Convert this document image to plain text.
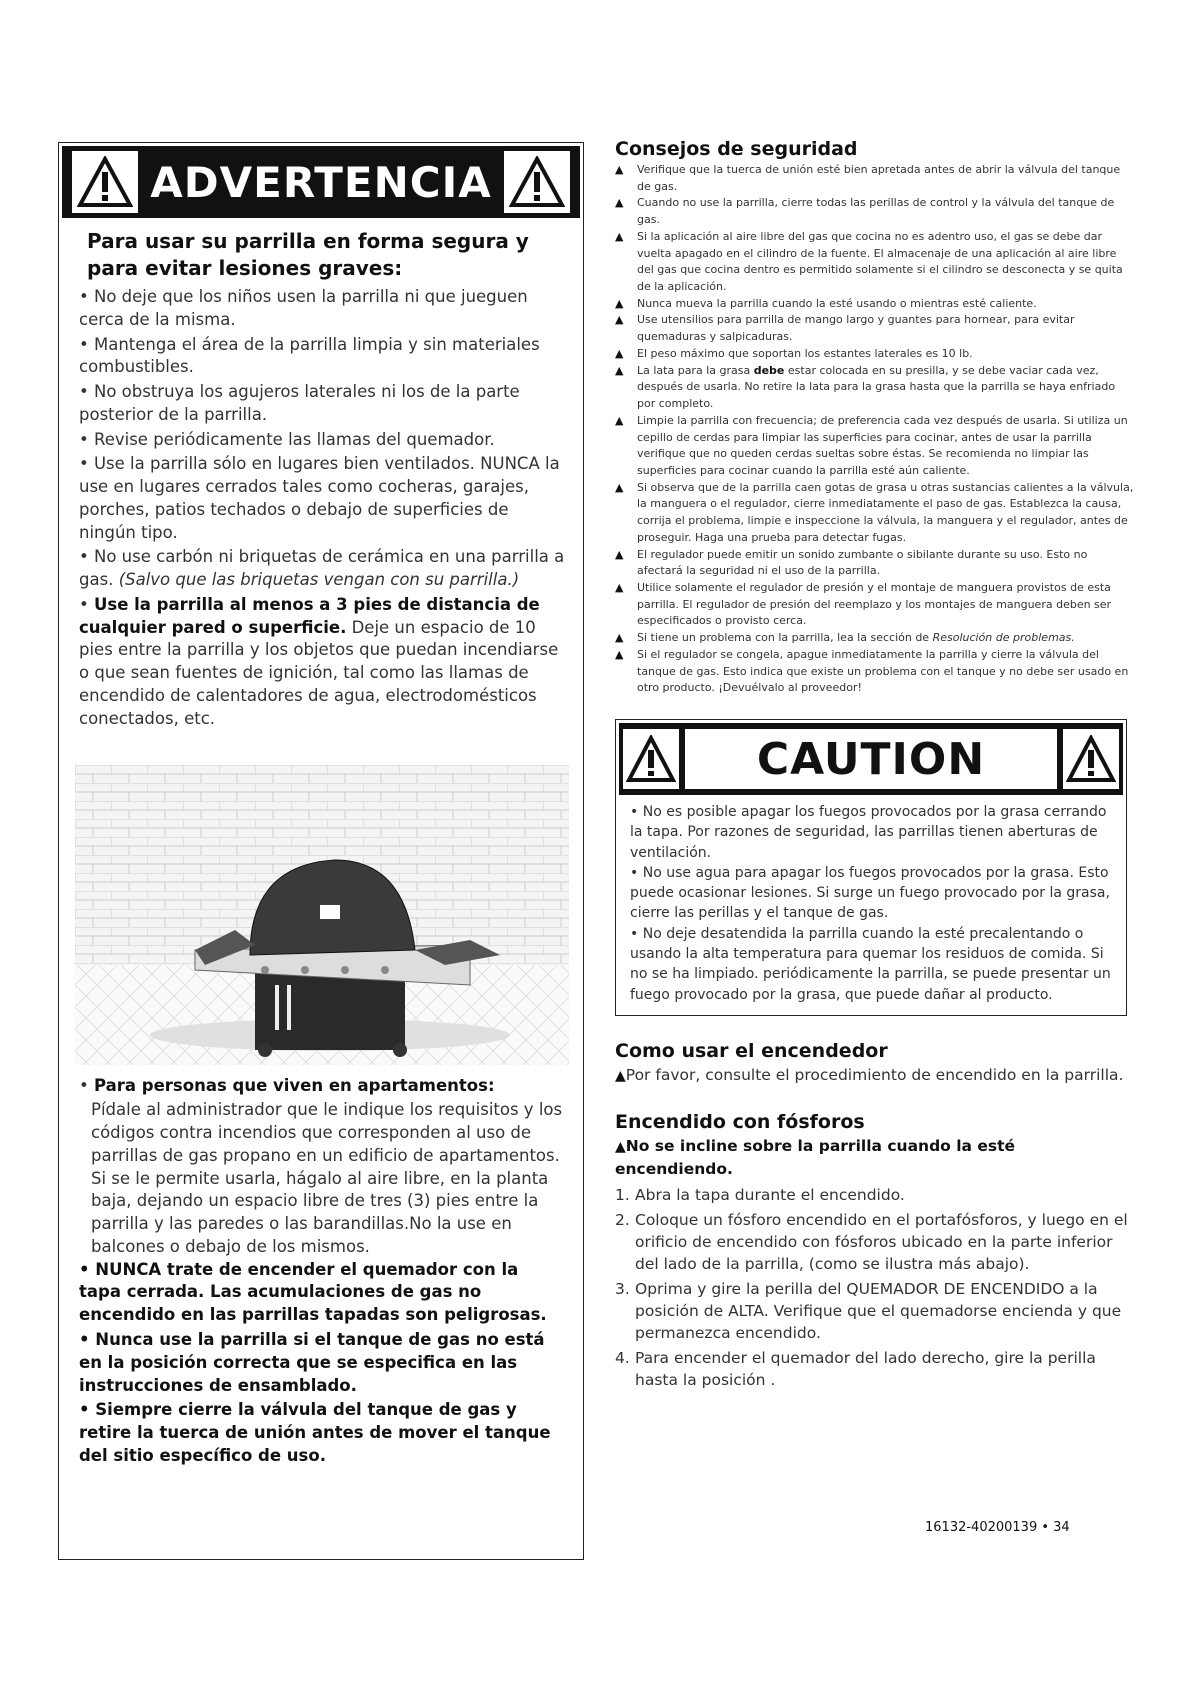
ADVERTENCIA
Para usar su parrilla en forma segura y para evitar lesiones graves:
• No deje que los niños usen la parrilla ni que jueguen cerca de la misma.
• Mantenga el área de la parrilla limpia y sin materiales combustibles.
• No obstruya los agujeros laterales ni los de la parte posterior de la parrilla.
• Revise periódicamente las llamas del quemador.
• Use la parrilla sólo en lugares bien ventilados. NUNCA la use en lugares cerrados tales como cocheras, garajes, porches, patios techados o debajo de superficies de ningún tipo.
• No use carbón ni briquetas de cerámica en una parrilla a gas. (Salvo que las briquetas vengan con su parrilla.)
• Use la parrilla al menos a 3 pies de distancia de cualquier pared o superficie. Deje un espacio de 10 pies entre la parrilla y los objetos que puedan incendiarse o que sean fuentes de ignición, tal como las llamas de encendido de calentadores de agua, electrodomésticos conectados, etc.
• Para personas que viven en apartamentos:
Pídale al administrador que le indique los requisitos y los códigos contra incendios que corresponden al uso de parrillas de gas propano en un edificio de apartamentos. Si se le permite usarla, hágalo al aire libre, en la planta baja, dejando un espacio libre de tres (3) pies entre la parrilla y las paredes o las barandillas.No la use en balcones o debajo de los mismos.
• NUNCA trate de encender el quemador con la tapa cerrada. Las acumulaciones de gas no encendido en las parrillas tapadas son peligrosas.
• Nunca use la parrilla si el tanque de gas no está en la posición correcta que se especifica en las instrucciones de ensamblado.
• Siempre cierre la válvula del tanque de gas y retire la tuerca de unión antes de mover el tanque del sitio específico de uso.
Consejos de seguridad
▲ Verifique que la tuerca de unión esté bien apretada antes de abrir la válvula del tanque de gas.
▲ Cuando no use la parrilla, cierre todas las perillas de control y la válvula del tanque de gas.
▲ Si la aplicación al aire libre del gas que cocina no es adentro uso, el gas se debe dar vuelta apagado en el cilindro de la fuente. El almacenaje de una aplicación al aire libre del gas que cocina dentro es permitido solamente si el cilindro se desconecta y se quita de la aplicación.
▲ Nunca mueva la parrilla cuando la esté usando o mientras esté caliente.
▲ Use utensilios para parrilla de mango largo y guantes para hornear, para evitar quemaduras y salpicaduras.
▲ El peso máximo que soportan los estantes laterales es 10 lb.
▲ La lata para la grasa debe estar colocada en su presilla, y se debe vaciar cada vez, después de usarla. No retire la lata para la grasa hasta que la parrilla se haya enfriado por completo.
▲ Limpie la parrilla con frecuencia; de preferencia cada vez después de usarla. Si utiliza un cepillo de cerdas para limpiar las superficies para cocinar, antes de usar la parrilla verifique que no queden cerdas sueltas sobre éstas. Se recomienda no limpiar las superficies para cocinar cuando la parrilla esté aún caliente.
▲ Si observa que de la parrilla caen gotas de grasa u otras sustancias calientes a la válvula, la manguera o el regulador, cierre inmediatamente el paso de gas. Establezca la causa, corrija el problema, limpie e inspeccione la válvula, la manguera y el regulador, antes de proseguir. Haga una prueba para detectar fugas.
▲ El regulador puede emitir un sonido zumbante o sibilante durante su uso. Esto no afectará la seguridad ni el uso de la parrilla.
▲ Utilice solamente el regulador de presión y el montaje de manguera provistos de esta parrilla. El regulador de presión del reemplazo y los montajes de manguera deben ser especificados o provisto cerca.
▲ Si tiene un problema con la parrilla, lea la sección de Resolución de problemas.
▲ Si el regulador se congela, apague inmediatamente la parrilla y cierre la válvula del tanque de gas. Esto indica que existe un problema con el tanque y no debe ser usado en otro producto. ¡Devuélvalo al proveedor!
CAUTION
• No es posible apagar los fuegos provocados por la grasa cerrando la tapa. Por razones de seguridad, las parrillas tienen aberturas de ventilación.
• No use agua para apagar los fuegos provocados por la grasa. Esto puede ocasionar lesiones. Si surge un fuego provocado por la grasa, cierre las perillas y el tanque de gas.
• No deje desatendida la parrilla cuando la esté precalentando o usando la alta temperatura para quemar los residuos de comida. Si no se ha limpiado. periódicamente la parrilla, se puede presentar un fuego provocado por la grasa, que puede dañar al producto.
Como usar el encendedor
▲Por favor, consulte el procedimiento de encendido en la parrilla.
Encendido con fósforos
▲No se incline sobre la parrilla cuando la esté encendiendo.
1. Abra la tapa durante el encendido.
2. Coloque un fósforo encendido en el portafósforos, y luego en el orificio de encendido con fósforos ubicado en la parte inferior del lado de la parrilla, (como se ilustra más abajo).
3. Oprima y gire la perilla del QUEMADOR DE ENCENDIDO a la posición de ALTA. Verifique que el quemadorse encienda y que permanezca encendido.
4. Para encender el quemador del lado derecho, gire la perilla hasta la posición .
16132-40200139 • 34
